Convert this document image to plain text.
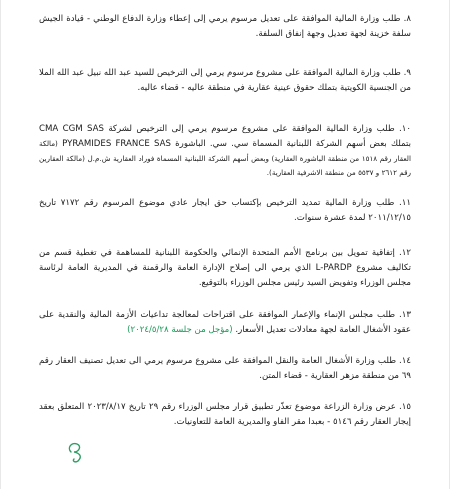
٨. طلب وزارة المالية الموافقة على تعديل مرسوم يرمي إلى إعطاء وزارة الدفاع الوطني - قيادة الجيش سلفة خزينة لجهة تعديل وجهة إنفاق السلفة.
٩. طلب وزارة المالية الموافقة على مشروع مرسوم يرمي إلى الترخيص للسيد عبد الله نبيل عبد الله الملا من الجنسية الكويتية بتملك حقوق عينية عقارية في منطقة عاليه - قضاء عاليه.
١٠. طلب وزارة المالية الموافقة على مشروع مرسوم يرمي إلى الترخيص لشركة CMA CGM SAS بتملك بعض أسهم الشركة اللبنانية المسماة سي. سي. الباشورة PYRAMIDES FRANCE SAS (مالكة العقار رقم ١٥١٨ من منطقة الباشورة العقارية) وبعض أسهم الشركة اللبنانية المسماة فوراد العقارية ش.م.ل (مالكة العقارين رقم ٢٦١٢ و ٥٥٣٧ من منطقة الاشرفية العقارية).
١١. طلب وزارة المالية تمديد الترخيص بإكتساب حق ايجار عادي موضوع المرسوم رقم ٧١٧٢ تاريخ ٢٠١١/١٢/١٥ لمدة عشرة سنوات.
١٢. إتفاقية تمويل بين برنامج الأمم المتحدة الإنمائي والحكومة اللبنانية للمساهمة في تغطية قسم من تكاليف مشروع L-PARDP الذي يرمي الى إصلاح الإدارة العامة والرقمنة في المديرية العامة لرئاسة مجلس الوزراء وتفويض السيد رئيس مجلس الوزراء بالتوقيع.
١٣. طلب مجلس الإنماء والإعمار الموافقة على اقتراحات لمعالجة تداعيات الأزمة المالية والنقدية على عقود الأشغال العامة لجهة معادلات تعديل الأسعار. (مؤجل من جلسة ٢٠٢٤/٥/٢٨)
١٤. طلب وزارة الأشغال العامة والنقل الموافقة على مشروع مرسوم يرمي الى تعديل تصنيف العقار رقم ٦٩ من منطقة مزهر العقارية - قضاء المتن.
١٥. عرض وزارة الزراعة موضوع تعذّر تطبيق قرار مجلس الوزراء رقم ٢٩ تاريخ ٢٠٢٣/٨/١٧ المتعلق بعقد إيجار العقار رقم ٥١٤٦ - بعبدا مقر الفاو والمديرية العامة للتعاونيات.
